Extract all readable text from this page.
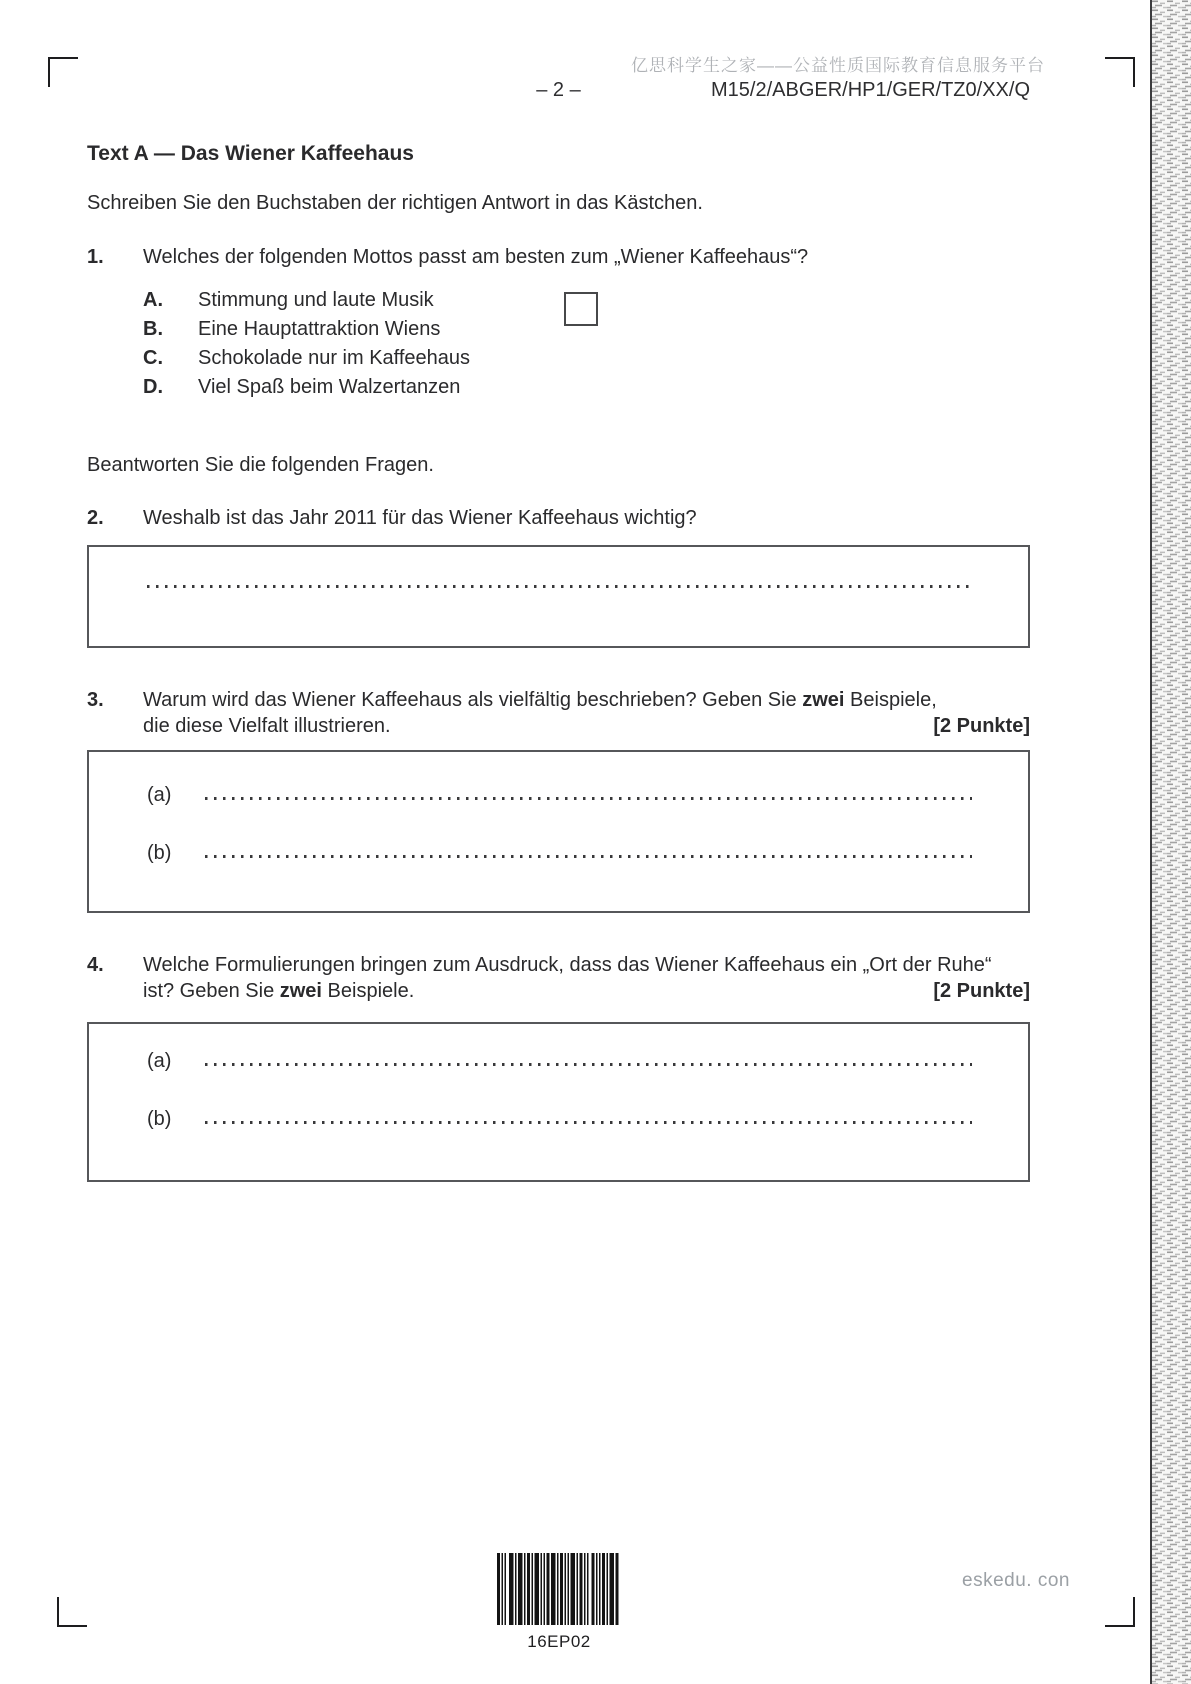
亿思科学生之家——公益性质国际教育信息服务平台
– 2 –	M15/2/ABGER/HP1/GER/TZ0/XX/Q
Text A — Das Wiener Kaffeehaus
Schreiben Sie den Buchstaben der richtigen Antwort in das Kästchen.
1. Welches der folgenden Mottos passt am besten zum „Wiener Kaffeehaus“?
A. Stimmung und laute Musik
B. Eine Hauptattraktion Wiens
C. Schokolade nur im Kaffeehaus
D. Viel Spaß beim Walzertanzen
Beantworten Sie die folgenden Fragen.
2. Weshalb ist das Jahr 2011 für das Wiener Kaffeehaus wichtig?
3. Warum wird das Wiener Kaffeehaus als vielfältig beschrieben? Geben Sie zwei Beispiele,
die diese Vielfalt illustrieren.	[2 Punkte]
(a)
(b)
4. Welche Formulierungen bringen zum Ausdruck, dass das Wiener Kaffeehaus ein „Ort der Ruhe“
ist? Geben Sie zwei Beispiele.	[2 Punkte]
(a)
(b)
16EP02
eskedu. con
